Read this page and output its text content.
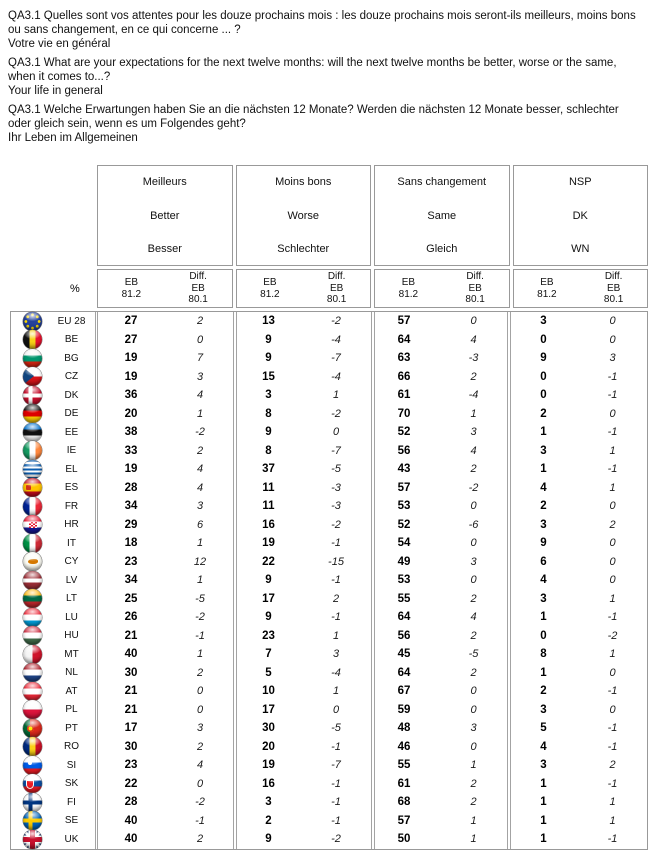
QA3.1 Quelles sont vos attentes pour les douze prochains mois : les douze prochains mois seront-ils meilleurs, moins bons ou sans changement, en ce qui concerne ... ?
Votre vie en général
QA3.1 What are your expectations for the next twelve months: will the next twelve months be better, worse or the same, when it comes to...?
Your life in general
QA3.1 Welche Erwartungen haben Sie an die nächsten 12 Monate? Werden die nächsten 12 Monate besser, schlechter oder gleich sein, wenn es um Folgendes geht?
Ihr Leben im Allgemeinen
Meilleurs
Better
Besser
Moins bons
Worse
Schlechter
Sans changement
Same
Gleich
NSP
DK
WN
%	EB
81.2
Diff.
EB
80.1
EB
81.2
Diff.
EB
80.1
EB
81.2
Diff.
EB
80.1
EB
81.2
Diff.
EB
80.1
EU 28	27	2	13	-2	57	0	3	0
BE	27	0	9	-4	64	4	0	0
BG	19	7	9	-7	63	-3	9	3
CZ	19	3	15	-4	66	2	0	-1
DK	36	4	3	1	61	-4	0	-1
DE	20	1	8	-2	70	1	2	0
EE	38	-2	9	0	52	3	1	-1
IE	33	2	8	-7	56	4	3	1
EL	19	4	37	-5	43	2	1	-1
ES	28	4	11	-3	57	-2	4	1
FR	34	3	11	-3	53	0	2	0
HR	29	6	16	-2	52	-6	3	2
IT	18	1	19	-1	54	0	9	0
CY	23	12	22	-15	49	3	6	0
LV	34	1	9	-1	53	0	4	0
LT	25	-5	17	2	55	2	3	1
LU	26	-2	9	-1	64	4	1	-1
HU	21	-1	23	1	56	2	0	-2
MT	40	1	7	3	45	-5	8	1
NL	30	2	5	-4	64	2	1	0
AT	21	0	10	1	67	0	2	-1
PL	21	0	17	0	59	0	3	0
PT	17	3	30	-5	48	3	5	-1
RO	30	2	20	-1	46	0	4	-1
SI	23	4	19	-7	55	1	3	2
SK	22	0	16	-1	61	2	1	-1
FI	28	-2	3	-1	68	2	1	1
SE	40	-1	2	-1	57	1	1	1
UK	40	2	9	-2	50	1	1	-1
